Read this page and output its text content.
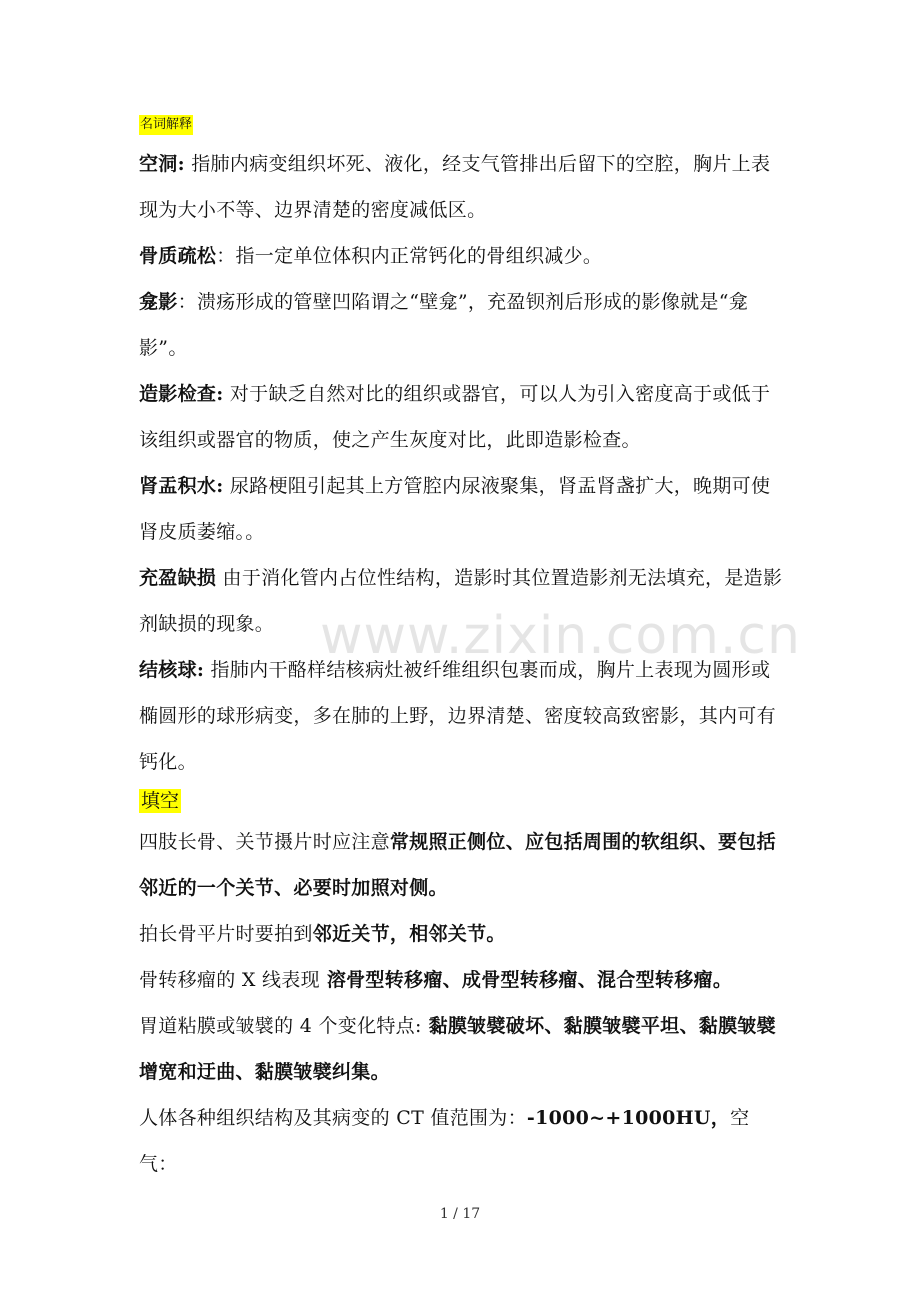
名词解释

空洞: 指肺内病变组织坏死、液化，经支气管排出后留下的空腔，胸片上表现为大小不等、边界清楚的密度减低区。

骨质疏松：指一定单位体积内正常钙化的骨组织减少。

龛影：溃疡形成的管壁凹陷谓之“壁龛”，充盈钡剂后形成的影像就是“龛影”。

造影检查: 对于缺乏自然对比的组织或器官，可以人为引入密度高于或低于该组织或器官的物质，使之产生灰度对比，此即造影检查。

肾盂积水: 尿路梗阻引起其上方管腔内尿液聚集，肾盂肾盏扩大，晚期可使肾皮质萎缩。。

充盈缺损 由于消化管内占位性结构，造影时其位置造影剂无法填充，是造影剂缺损的现象。

结核球: 指肺内干酪样结核病灶被纤维组织包裹而成，胸片上表现为圆形或椭圆形的球形病变，多在肺的上野，边界清楚、密度较高致密影，其内可有钙化。

填空

四肢长骨、关节摄片时应注意常规照正侧位、应包括周围的软组织、要包括邻近的一个关节、必要时加照对侧。

拍长骨平片时要拍到邻近关节，相邻关节。

骨转移瘤的 X 线表现 溶骨型转移瘤、成骨型转移瘤、混合型转移瘤。

胃道粘膜或皱襞的 4 个变化特点: 黏膜皱襞破坏、黏膜皱襞平坦、黏膜皱襞增宽和迂曲、黏膜皱襞纠集。

人体各种组织结构及其病变的 CT 值范围为：-1000~+1000HU，空气：

www.zixin.com.cn
1 / 17
